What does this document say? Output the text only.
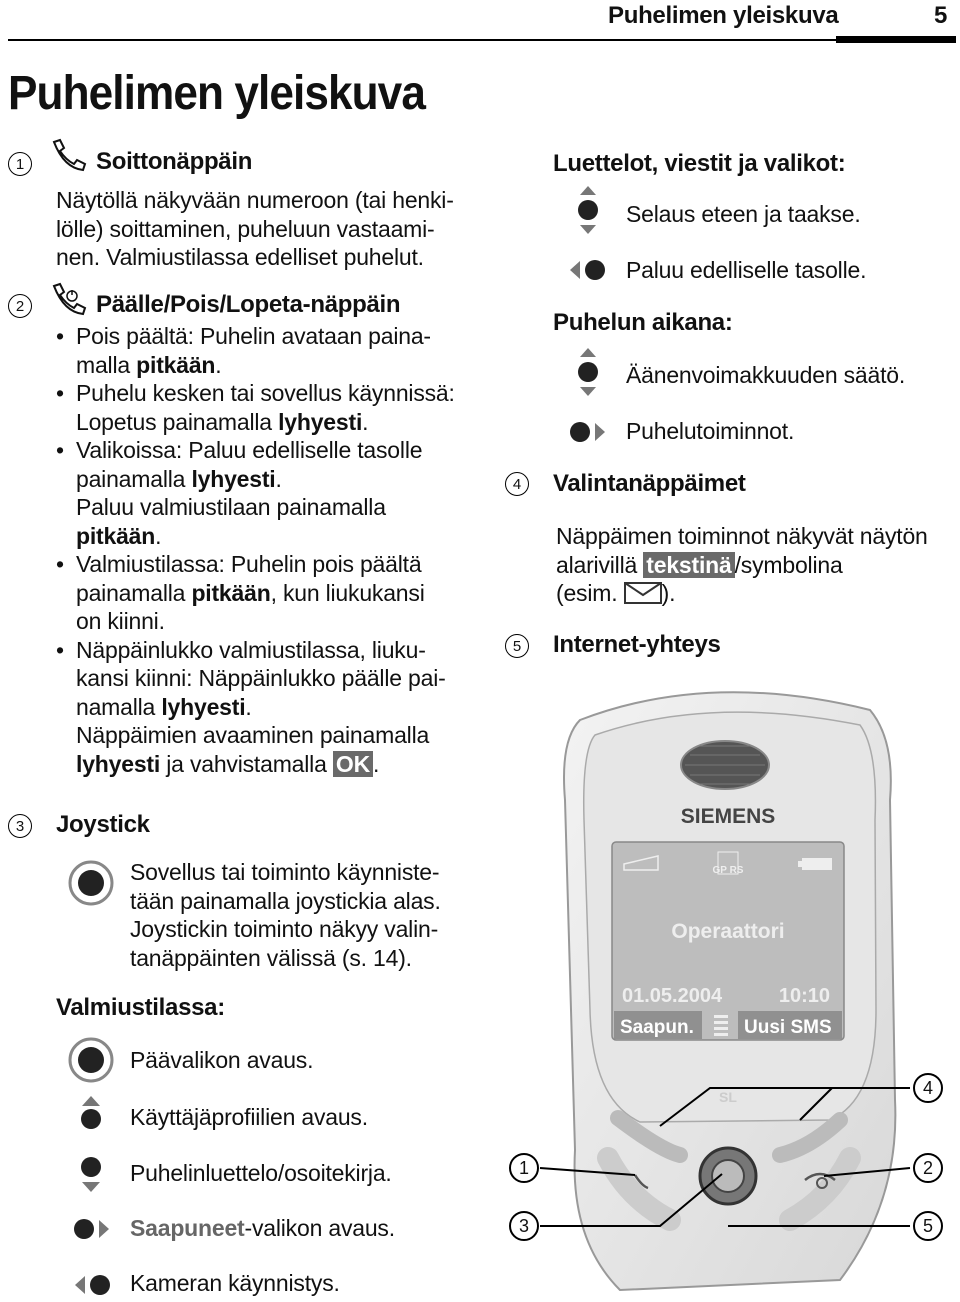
Puhelimen yleiskuva	5
Puhelimen yleiskuva
1	Soittonäppäin
Näytöllä näkyvään numeroon (tai henki-
lölle) soittaminen, puheluun vastaami-
nen. Valmiustilassa edelliset puhelut.
2	Päälle/Pois/Lopeta-näppäin
• Pois päältä: Puhelin avataan paina-
malla pitkään.
• Puhelu kesken tai sovellus käynnissä:
Lopetus painamalla lyhyesti.
• Valikoissa: Paluu edelliselle tasolle
painamalla lyhyesti.
Paluu valmiustilaan painamalla
pitkään.
• Valmiustilassa: Puhelin pois päältä
painamalla pitkään, kun liukukansi
on kiinni.
• Näppäinlukko valmiustilassa, liuku-
kansi kiinni: Näppäinlukko päälle pai-
namalla lyhyesti.
Näppäimien avaaminen painamalla
lyhyesti ja vahvistamalla OK .
3	Joystick
Sovellus tai toiminto käynniste-
tään painamalla joystickia alas.
Joystickin toiminto näkyy valin-
tanäppäinten välissä (s. 14).
Valmiustilassa:
Päävalikon avaus.
Käyttäjäprofiilien avaus.
Puhelinluettelo/osoitekirja.
Saapuneet-valikon avaus.
Kameran käynnistys.
Luettelot, viestit ja valikot:
Selaus eteen ja taakse.
Paluu edelliselle tasolle.
Puhelun aikana:
Äänenvoimakkuuden säätö.
Puhelutoiminnot.
4	Valintanäppäimet
Näppäimen toiminnot näkyvät näytön
alarivillä tekstinä /symbolina
(esim. ).
5	Internet-yhteys
SIEMENS
GP RS
Operaattori
01.05.2004	10:10
Saapun.	Uusi SMS
SL	4
1	2
3	5
